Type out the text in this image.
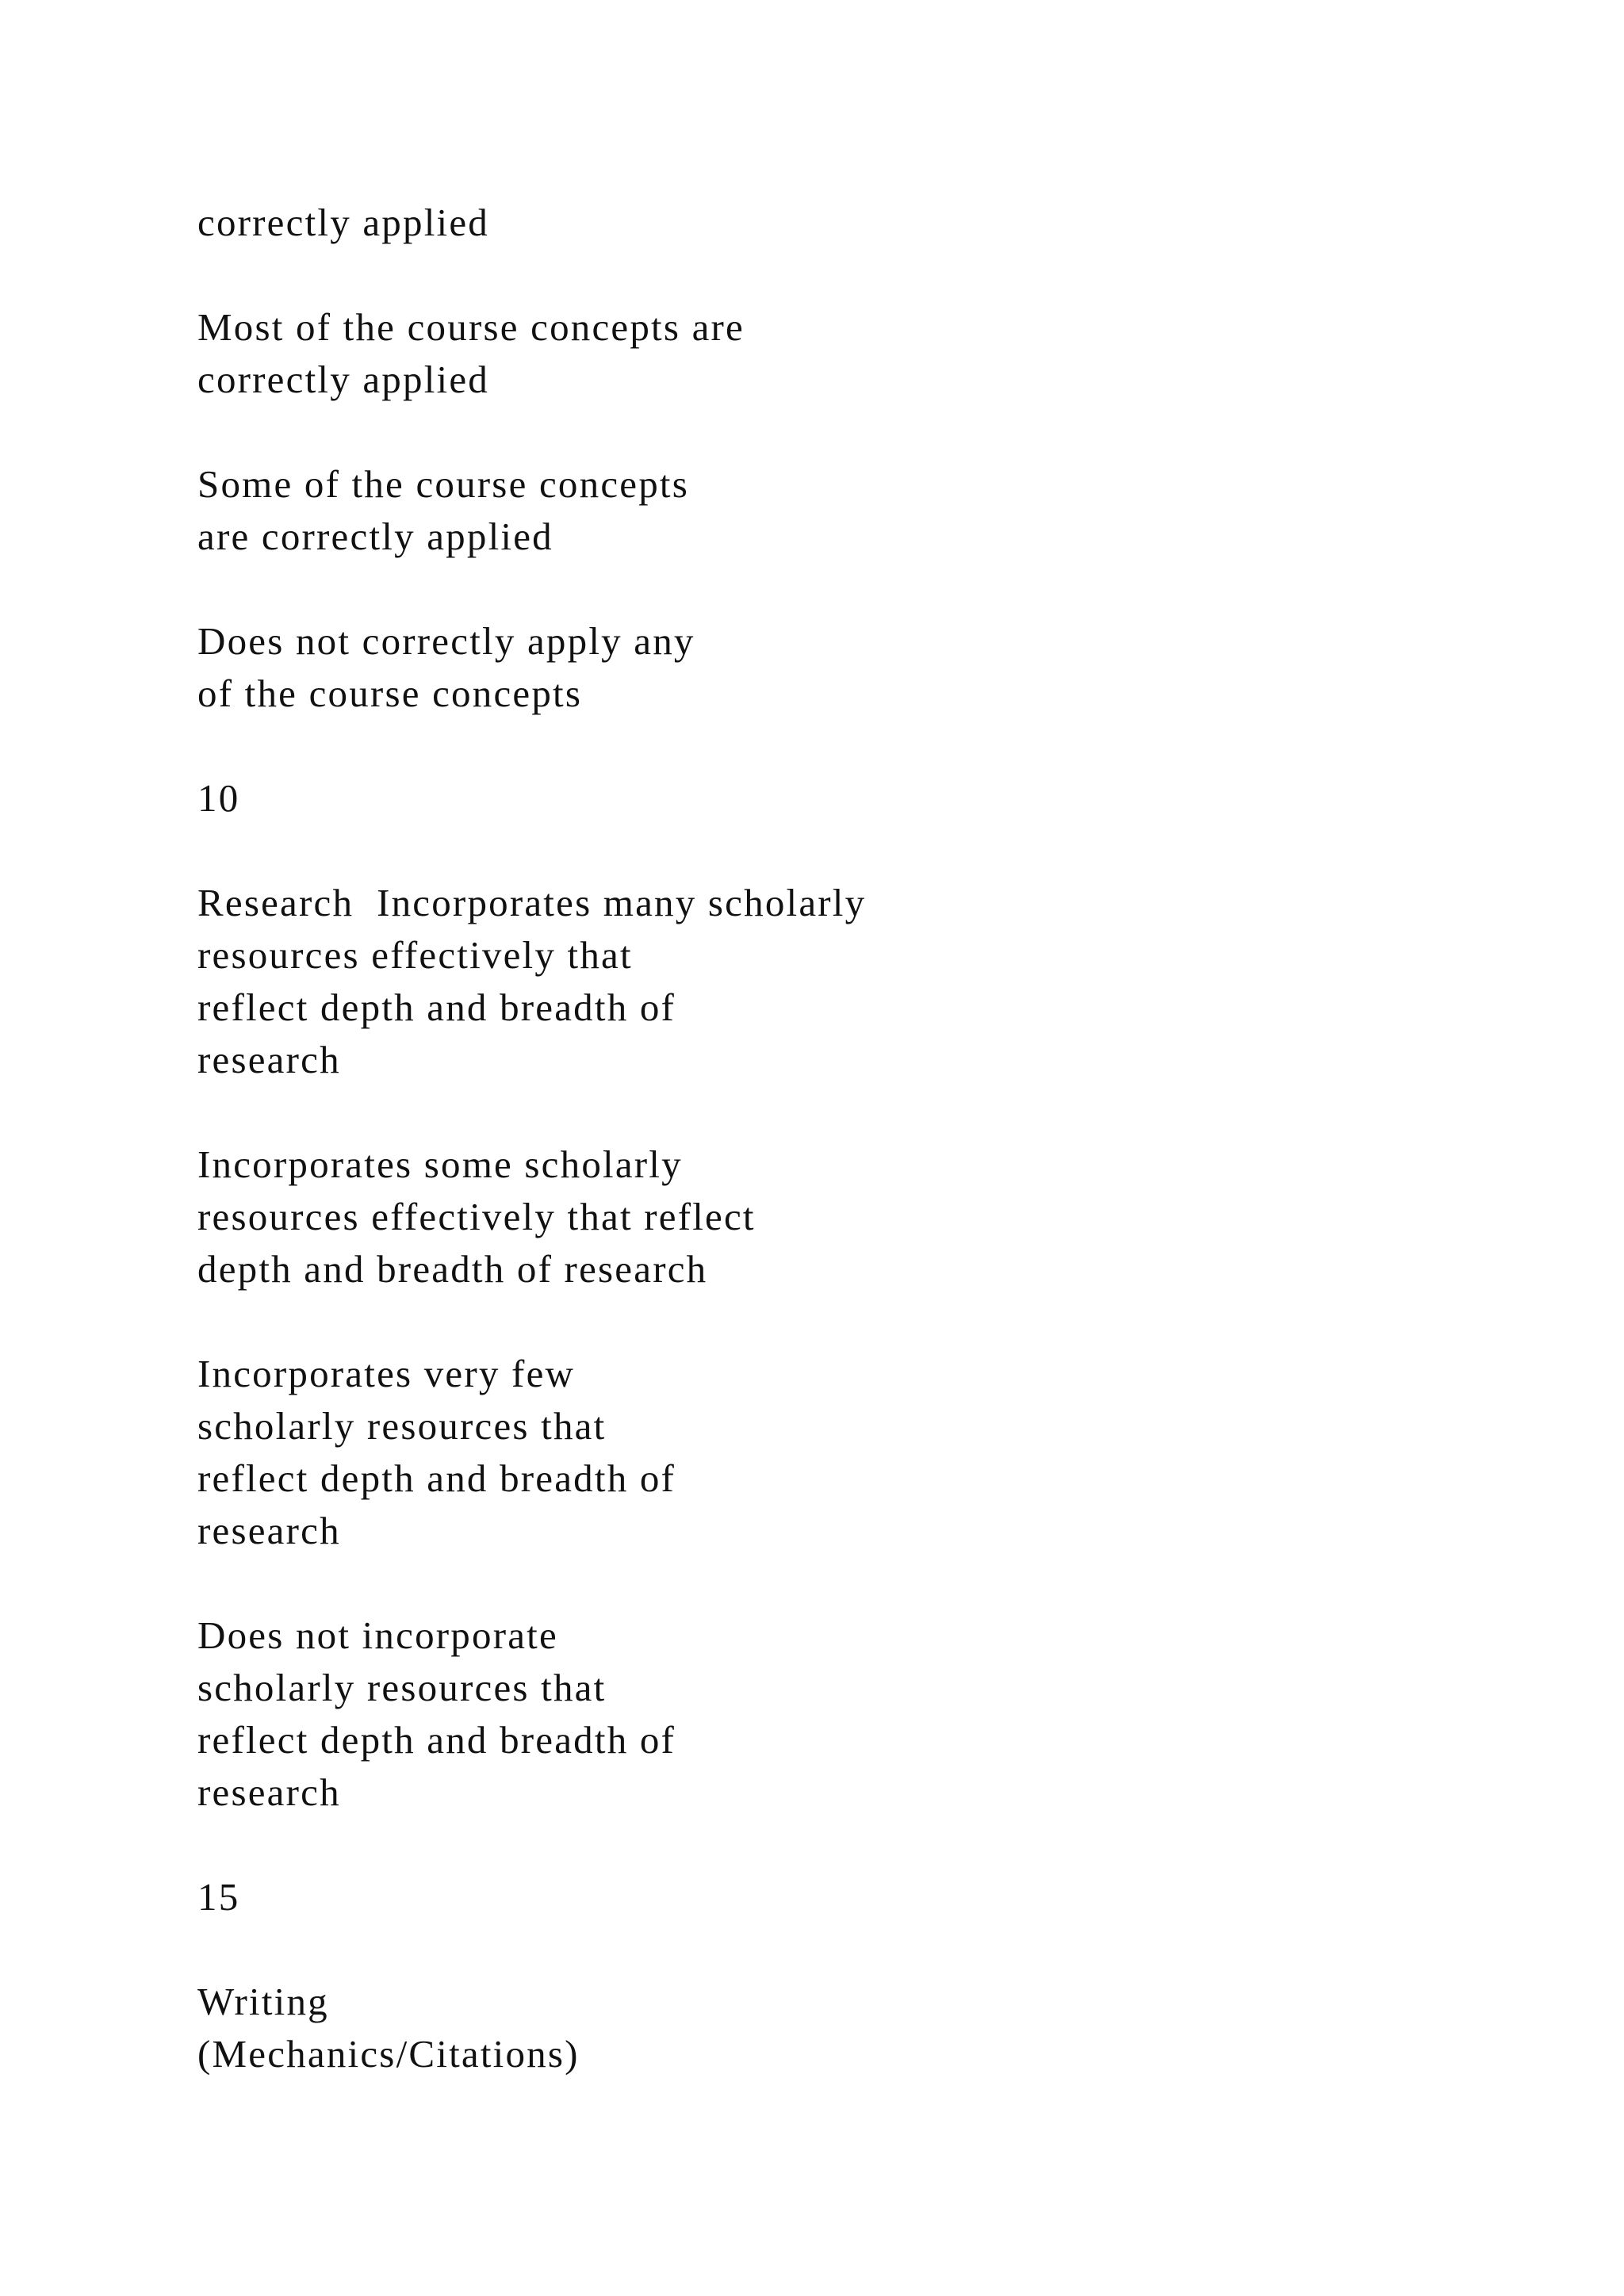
correctly applied

Most of the course concepts are

correctly applied

Some of the course concepts

are correctly applied

Does not correctly apply any

of the course concepts

10

Research  Incorporates many scholarly

resources effectively that

reflect depth and breadth of

research

Incorporates some scholarly

resources effectively that reflect

depth and breadth of research

Incorporates very few

scholarly resources that

reflect depth and breadth of

research

Does not incorporate

scholarly resources that

reflect depth and breadth of

research

15

Writing

(Mechanics/Citations)
